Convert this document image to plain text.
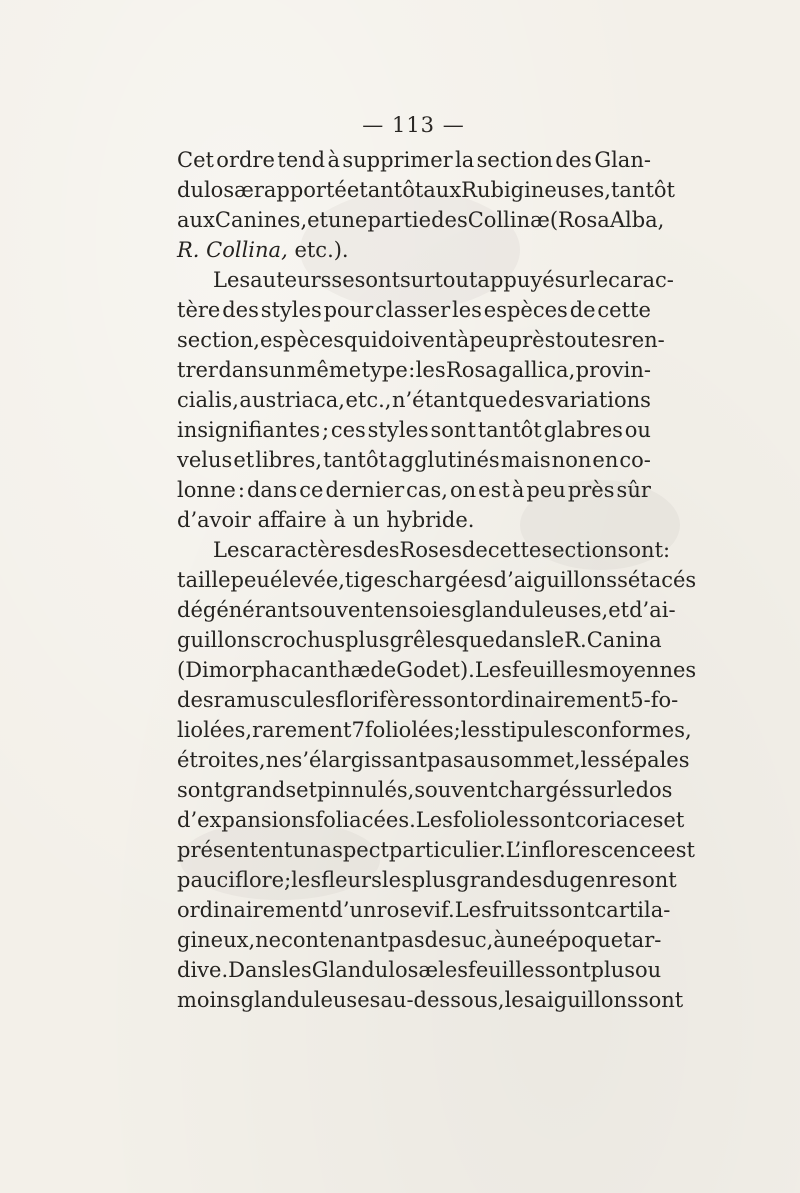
— 113 —
Cet ordre tend à supprimer la section des Glan-
dulosæ rapportée tantôt aux Rubigineuses, tantôt
aux Canines, et une partie des Collinæ (Rosa Alba,
R. Collina,
etc.).
Les auteurs se sont surtout appuyé sur le carac-
tère des styles pour classer les espèces de cette
section, espèces qui doivent à peu près toutes ren-
trer dans un même type : les Rosa gallica, provin-
cialis, austriaca, etc., n’étant que des variations
insignifiantes ; ces styles sont tantôt glabres ou
velus et libres, tantôt agglutinés mais non en co-
lonne : dans ce dernier cas, on est à peu près sûr
d’avoir affaire à un hybride.
Les caractères des Roses de cette section sont :
taille peu élevée, tiges chargées d’aiguillons sétacés
dégénérant souvent en soies glanduleuses, et d’ai-
guillons crochus plus grêles que dans le R. Canina
(Dimorphacanthæ de Godet). Les feuilles moyennes
des ramuscules florifères sont ordinairement 5-fo-
liolées, rarement 7 foliolées ; les stipules conformes,
étroites, ne s’élargissant pas au sommet, les sépales
sont grands et pinnulés, souvent chargés sur le dos
d’expansions foliacées. Les folioles sont coriaces et
présentent un aspect particulier. L’inflorescence est
pauciflore ; les fleurs les plus grandes du genre sont
ordinairement d’un rose vif. Les fruits sont cartila-
gineux, ne contenant pas de suc, à une époque tar-
dive. Dans les Glandulosæ les feuilles sont plus ou
moins glanduleuses au-dessous, les aiguillons sont
